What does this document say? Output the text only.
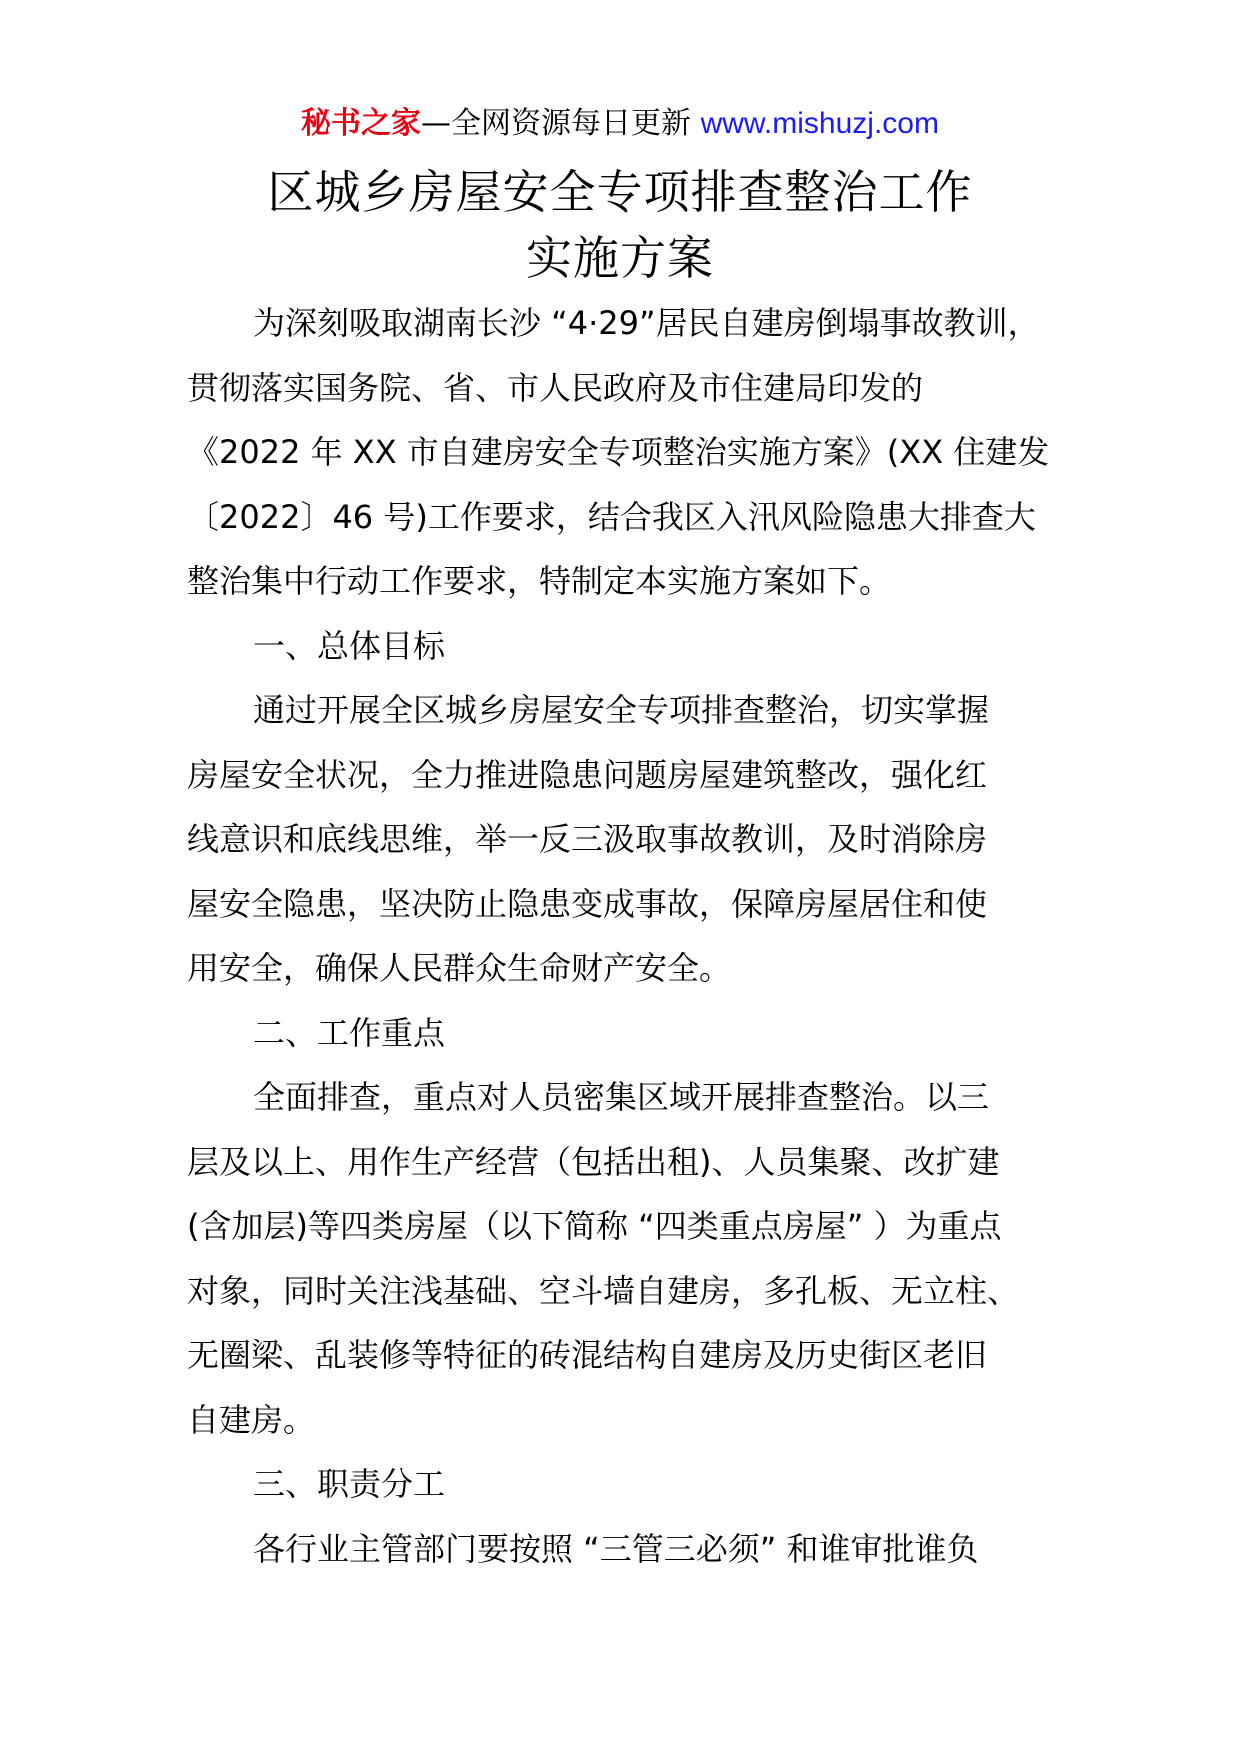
秘书之家—全网资源每日更新 www.mishuzj.com
区城乡房屋安全专项排查整治工作
实施方案
为深刻吸取湖南长沙 “4·29”居民自建房倒塌事故教训，
贯彻落实国务院、省、市人民政府及市住建局印发的
《2022 年 XX 市自建房安全专项整治实施方案》(XX 住建发
〔2022〕46 号)工作要求，结合我区入汛风险隐患大排查大
整治集中行动工作要求，特制定本实施方案如下。
一、总体目标
通过开展全区城乡房屋安全专项排查整治，切实掌握
房屋安全状况，全力推进隐患问题房屋建筑整改，强化红
线意识和底线思维，举一反三汲取事故教训，及时消除房
屋安全隐患，坚决防止隐患变成事故，保障房屋居住和使
用安全，确保人民群众生命财产安全。
二、工作重点
全面排查，重点对人员密集区域开展排查整治。以三
层及以上、用作生产经营（包括出租)、人员集聚、改扩建
(含加层)等四类房屋（以下简称 “四类重点房屋” ）为重点
对象，同时关注浅基础、空斗墙自建房，多孔板、无立柱、
无圈梁、乱装修等特征的砖混结构自建房及历史街区老旧
自建房。
三、职责分工
各行业主管部门要按照 “三管三必须” 和谁审批谁负
